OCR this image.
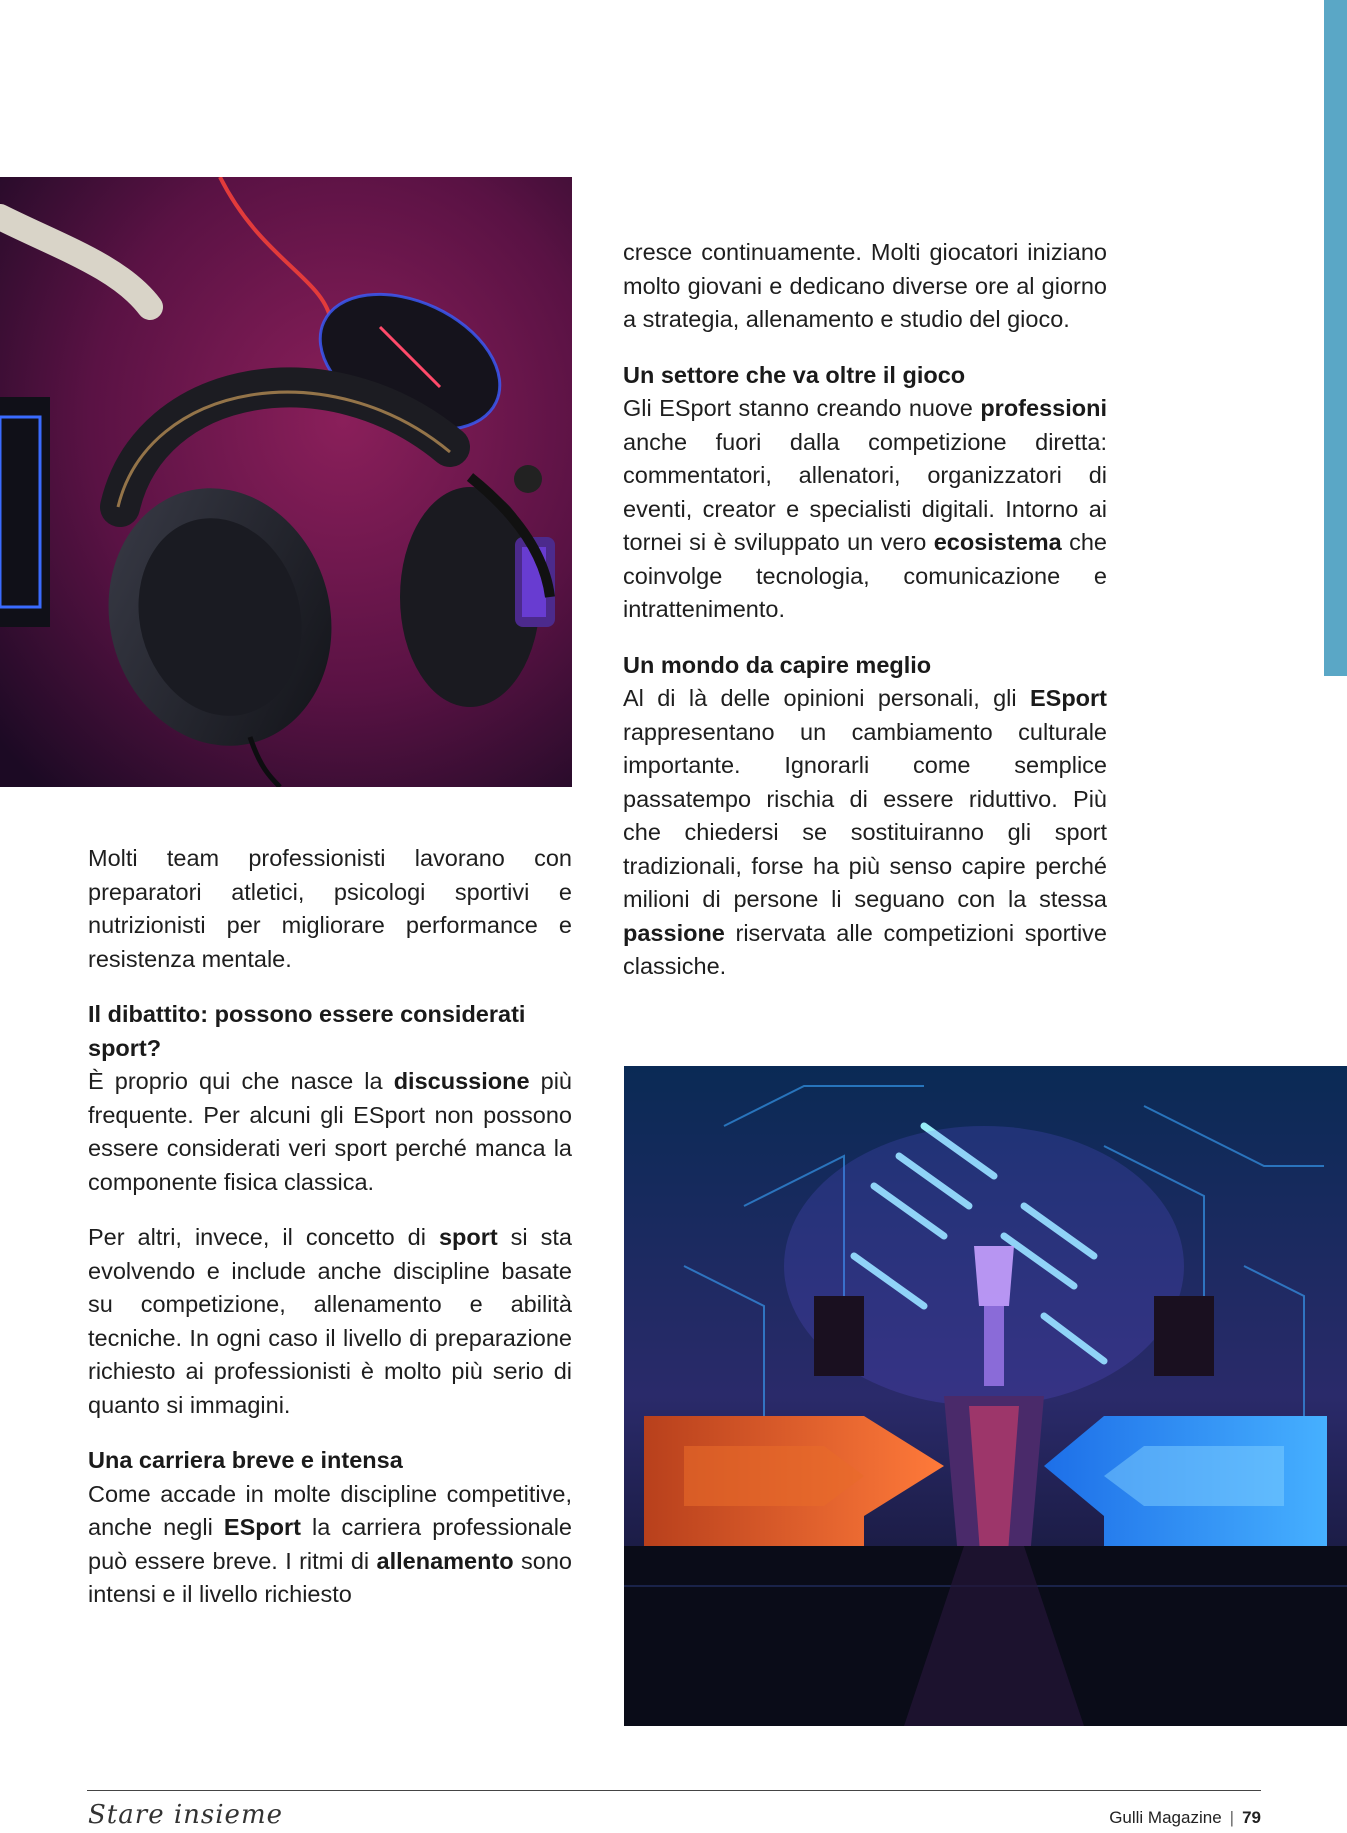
cresce continuamente. Molti giocatori iniziano molto giovani e dedicano diverse ore al giorno a strategia, allenamento e studio del gioco.

Un settore che va oltre il gioco

Gli ESport stanno creando nuove professioni anche fuori dalla competizione diretta: commentatori, allenatori, organizzatori di eventi, creator e specialisti digitali. Intorno ai tornei si è sviluppato un vero ecosistema che coinvolge tecnologia, comunicazione e intrattenimento.

Un mondo da capire meglio

Al di là delle opinioni personali, gli ESport rappresentano un cambiamento culturale importante. Ignorarli come semplice passatempo rischia di essere riduttivo. Più che chiedersi se sostituiranno gli sport tradizionali, forse ha più senso capire perché milioni di persone li seguano con la stessa passione riservata alle competizioni sportive classiche.

Molti team professionisti lavorano con preparatori atletici, psicologi sportivi e nutrizionisti per migliorare performance e resistenza mentale.

Il dibattito: possono essere considerati sport?

È proprio qui che nasce la discussione più frequente. Per alcuni gli ESport non possono essere considerati veri sport perché manca la componente fisica classica.

Per altri, invece, il concetto di sport si sta evolvendo e include anche discipline basate su competizione, allenamento e abilità tecniche. In ogni caso il livello di preparazione richiesto ai professionisti è molto più serio di quanto si immagini.

Una carriera breve e intensa

Come accade in molte discipline competitive, anche negli ESport la carriera professionale può essere breve. I ritmi di allenamento sono intensi e il livello richiesto

Stare insieme	Gulli Magazine | 79
